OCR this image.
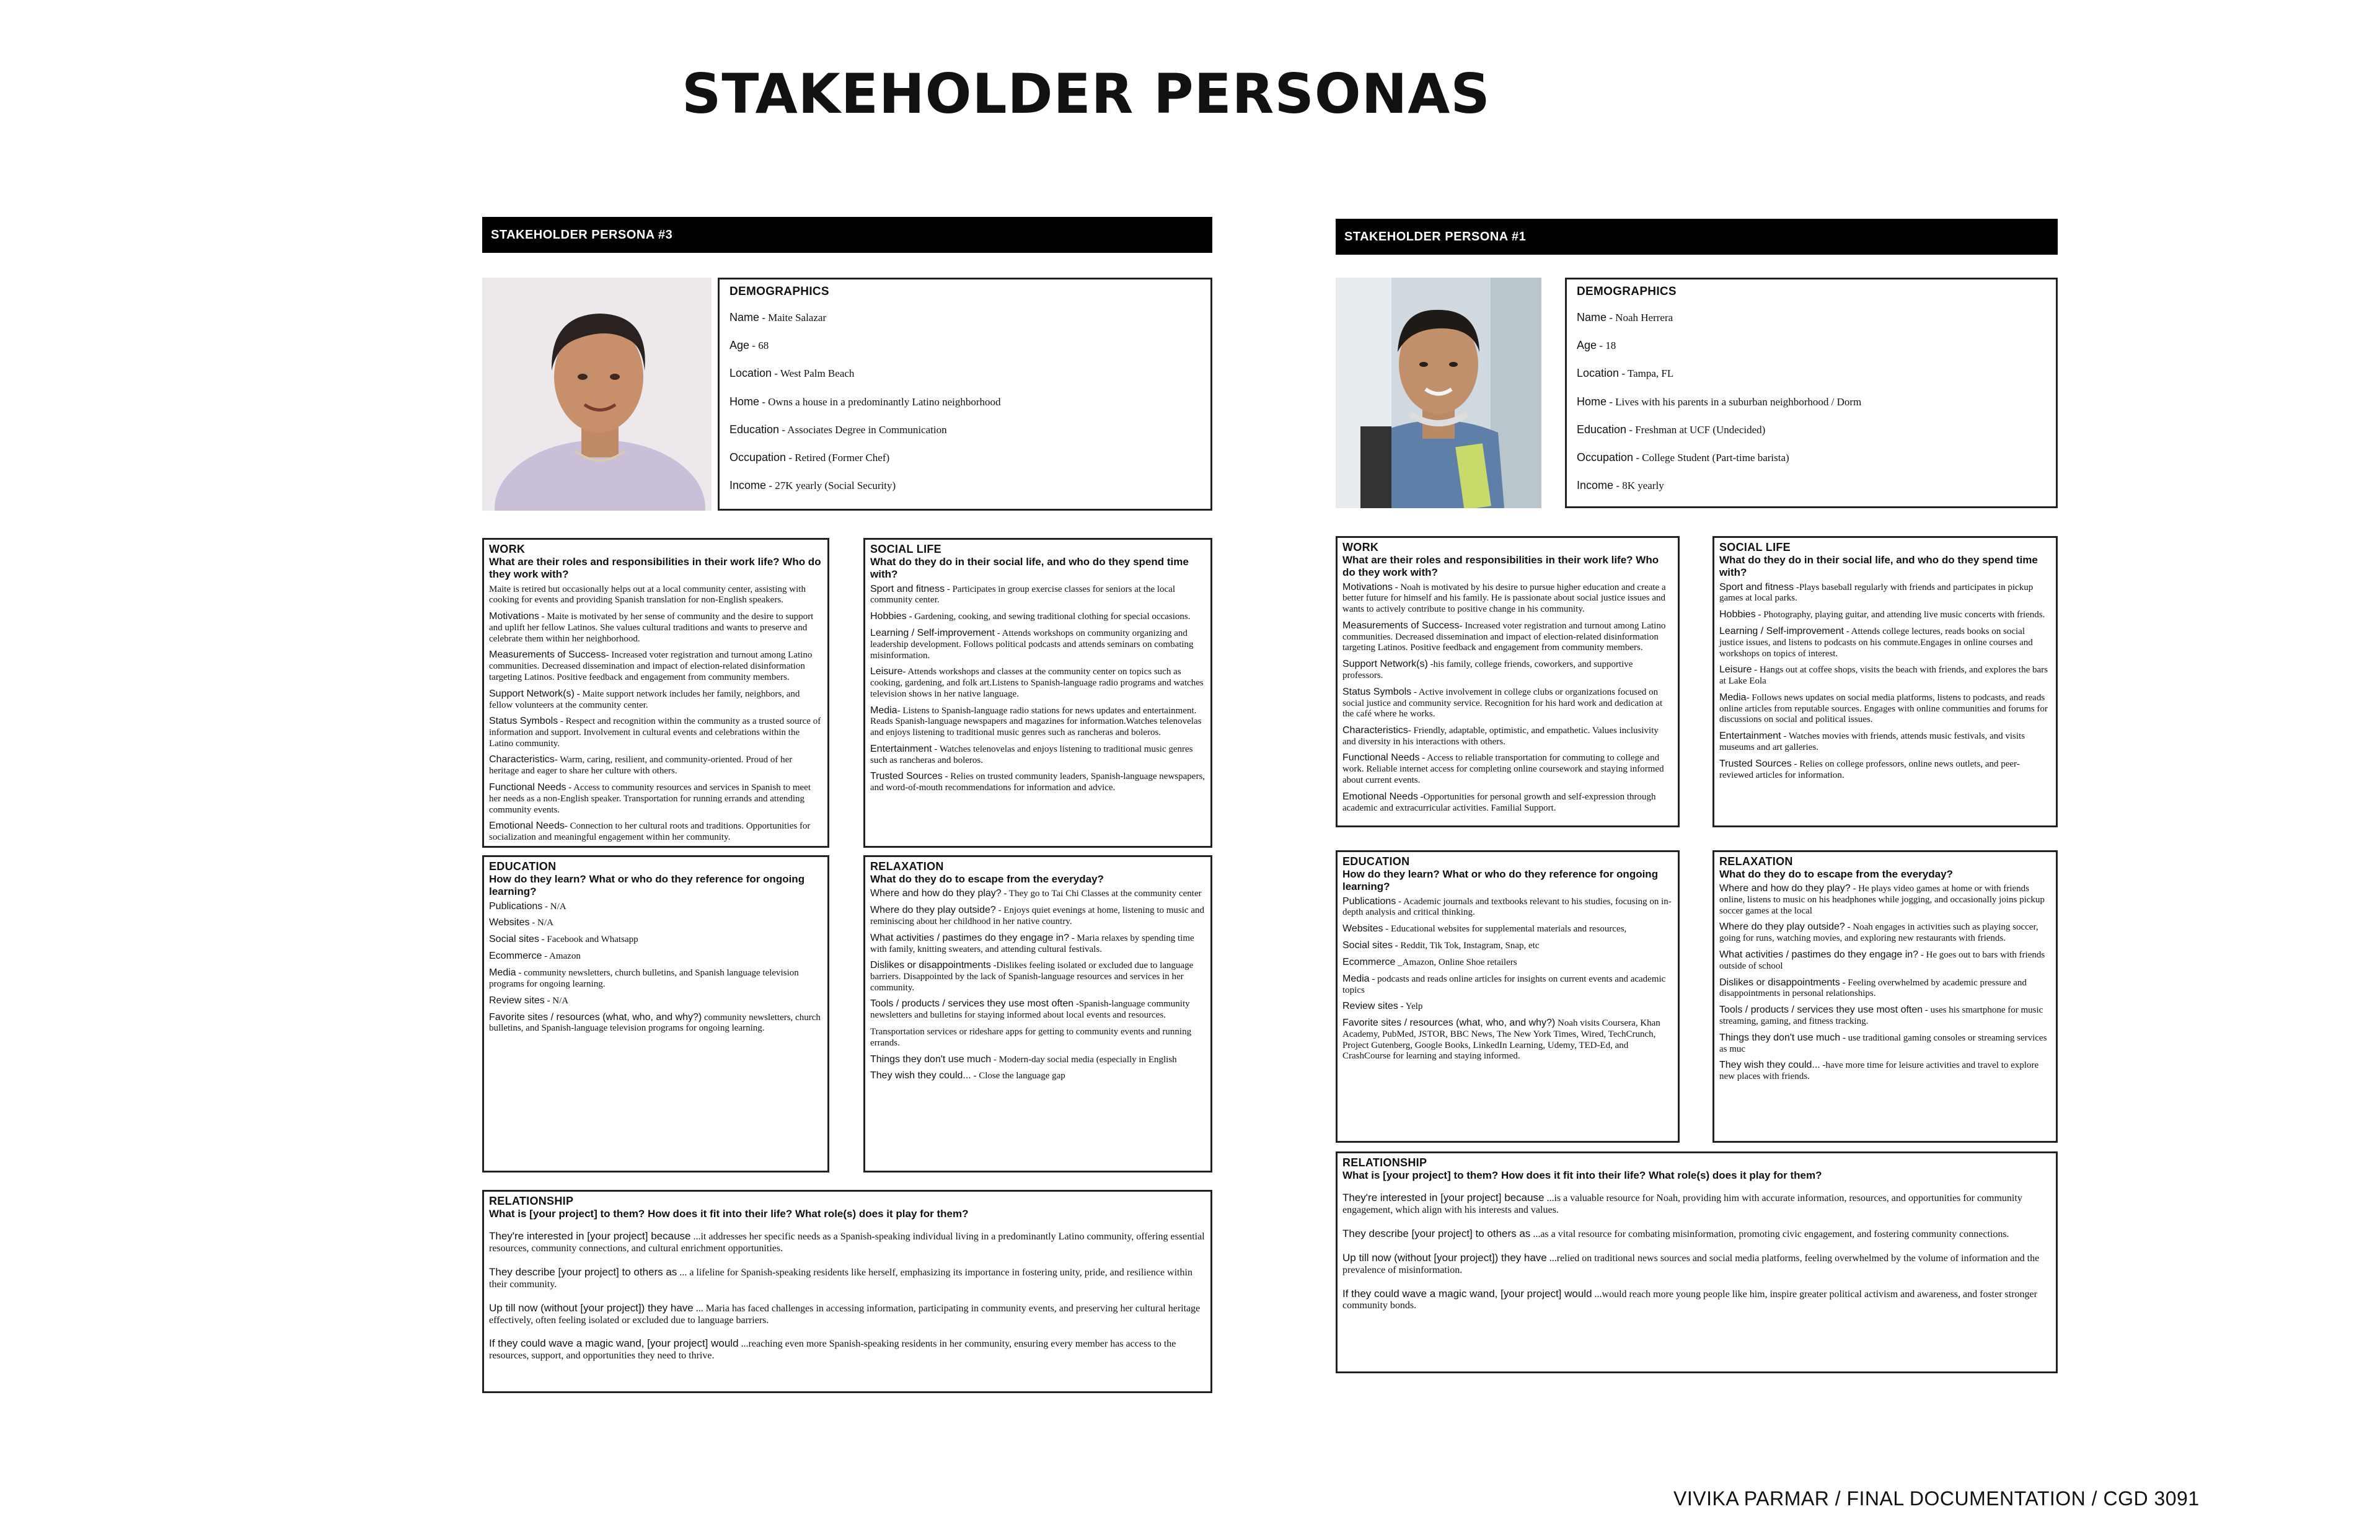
STAKEHOLDER PERSONAS
STAKEHOLDER PERSONA #3
DEMOGRAPHICS
Name - Maite Salazar
Age - 68
Location - West Palm Beach
Home - Owns a house in a predominantly Latino neighborhood
Education - Associates Degree in Communication
Occupation - Retired (Former Chef)
Income - 27K yearly (Social Security)
WORK
What are their roles and responsibilities in their work life? Who do they work with?
Maite is retired but occasionally helps out at a local community center, assisting with cooking for events and providing Spanish translation for non-English speakers.
Motivations - Maite is motivated by her sense of community and the desire to support and uplift her fellow Latinos. She values cultural traditions and wants to preserve and celebrate them within her neighborhood.
Measurements of Success- Increased voter registration and turnout among Latino communities. Decreased dissemination and impact of election-related disinformation targeting Latinos. Positive feedback and engagement from community members.
Support Network(s) - Maite support network includes her family, neighbors, and fellow volunteers at the community center.
Status Symbols - Respect and recognition within the community as a trusted source of information and support. Involvement in cultural events and celebrations within the Latino community.
Characteristics- Warm, caring, resilient, and community-oriented. Proud of her heritage and eager to share her culture with others.
Functional Needs - Access to community resources and services in Spanish to meet her needs as a non-English speaker. Transportation for running errands and attending community events.
Emotional Needs- Connection to her cultural roots and traditions. Opportunities for socialization and meaningful engagement within her community.
SOCIAL LIFE
What do they do in their social life, and who do they spend time with?
Sport and fitness - Participates in group exercise classes for seniors at the local community center.
Hobbies - Gardening, cooking, and sewing traditional clothing for special occasions.
Learning / Self-improvement - Attends workshops on community organizing and leadership development. Follows political podcasts and attends seminars on combating misinformation.
Leisure- Attends workshops and classes at the community center on topics such as cooking, gardening, and folk art.Listens to Spanish-language radio programs and watches television shows in her native language.
Media- Listens to Spanish-language radio stations for news updates and entertainment. Reads Spanish-language newspapers and magazines for information.Watches telenovelas and enjoys listening to traditional music genres such as rancheras and boleros.
Entertainment - Watches telenovelas and enjoys listening to traditional music genres such as rancheras and boleros.
Trusted Sources - Relies on trusted community leaders, Spanish-language newspapers, and word-of-mouth recommendations for information and advice.
EDUCATION
How do they learn? What or who do they reference for ongoing learning?
Publications - N/A
Websites - N/A
Social sites - Facebook and Whatsapp
Ecommerce - Amazon
Media - community newsletters, church bulletins, and Spanish language television programs for ongoing learning.
Review sites - N/A
Favorite sites / resources (what, who, and why?) community newsletters, church bulletins, and Spanish-language television programs for ongoing learning.
RELAXATION
What do they do to escape from the everyday?
Where and how do they play? - They go to Tai Chi Classes at the community center
Where do they play outside? - Enjoys quiet evenings at home, listening to music and reminiscing about her childhood in her native country.
What activities / pastimes do they engage in? - Maria relaxes by spending time with family, knitting sweaters, and attending cultural festivals.
Dislikes or disappointments -Dislikes feeling isolated or excluded due to language barriers. Disappointed by the lack of Spanish-language resources and services in her community.
Tools / products / services they use most often -Spanish-language community newsletters and bulletins for staying informed about local events and resources.
Transportation services or rideshare apps for getting to community events and running errands.
Things they don't use much - Modern-day social media (especially in English
They wish they could... - Close the language gap
RELATIONSHIP
What is [your project] to them? How does it fit into their life? What role(s) does it play for them?
They're interested in [your project] because ...it addresses her specific needs as a Spanish-speaking individual living in a predominantly Latino community, offering essential resources, community connections, and cultural enrichment opportunities.
They describe [your project] to others as ... a lifeline for Spanish-speaking residents like herself, emphasizing its importance in fostering unity, pride, and resilience within their community.
Up till now (without [your project]) they have ... Maria has faced challenges in accessing information, participating in community events, and preserving her cultural heritage effectively, often feeling isolated or excluded due to language barriers.
If they could wave a magic wand, [your project] would ...reaching even more Spanish-speaking residents in her community, ensuring every member has access to the resources, support, and opportunities they need to thrive.
STAKEHOLDER PERSONA #1
DEMOGRAPHICS
Name - Noah Herrera
Age - 18
Location - Tampa, FL
Home - Lives with his parents in a suburban neighborhood / Dorm
Education - Freshman at UCF (Undecided)
Occupation - College Student (Part-time barista)
Income - 8K yearly
WORK
What are their roles and responsibilities in their work life? Who do they work with?
Motivations - Noah is motivated by his desire to pursue higher education and create a better future for himself and his family. He is passionate about social justice issues and wants to actively contribute to positive change in his community.
Measurements of Success- Increased voter registration and turnout among Latino communities. Decreased dissemination and impact of election-related disinformation targeting Latinos. Positive feedback and engagement from community members.
Support Network(s) -his family, college friends, coworkers, and supportive professors.
Status Symbols - Active involvement in college clubs or organizations focused on social justice and community service. Recognition for his hard work and dedication at the café where he works.
Characteristics- Friendly, adaptable, optimistic, and empathetic. Values inclusivity and diversity in his interactions with others.
Functional Needs - Access to reliable transportation for commuting to college and work. Reliable internet access for completing online coursework and staying informed about current events.
Emotional Needs -Opportunities for personal growth and self-expression through academic and extracurricular activities. Familial Support.
SOCIAL LIFE
What do they do in their social life, and who do they spend time with?
Sport and fitness -Plays baseball regularly with friends and participates in pickup games at local parks.
Hobbies - Photography, playing guitar, and attending live music concerts with friends.
Learning / Self-improvement - Attends college lectures, reads books on social justice issues, and listens to podcasts on his commute.Engages in online courses and workshops on topics of interest.
Leisure - Hangs out at coffee shops, visits the beach with friends, and explores the bars at Lake Eola
Media- Follows news updates on social media platforms, listens to podcasts, and reads online articles from reputable sources. Engages with online communities and forums for discussions on social and political issues.
Entertainment - Watches movies with friends, attends music festivals, and visits museums and art galleries.
Trusted Sources - Relies on college professors, online news outlets, and peer-reviewed articles for information.
EDUCATION
How do they learn? What or who do they reference for ongoing learning?
Publications - Academic journals and textbooks relevant to his studies, focusing on in-depth analysis and critical thinking.
Websites - Educational websites for supplemental materials and resources,
Social sites - Reddit, Tik Tok, Instagram, Snap, etc
Ecommerce _Amazon, Online Shoe retailers
Media - podcasts and reads online articles for insights on current events and academic topics
Review sites - Yelp
Favorite sites / resources (what, who, and why?) Noah visits Coursera, Khan Academy, PubMed, JSTOR, BBC News, The New York Times, Wired, TechCrunch, Project Gutenberg, Google Books, LinkedIn Learning, Udemy, TED-Ed, and CrashCourse for learning and staying informed.
RELAXATION
What do they do to escape from the everyday?
Where and how do they play? - He plays video games at home or with friends online, listens to music on his headphones while jogging, and occasionally joins pickup soccer games at the local
Where do they play outside? - Noah engages in activities such as playing soccer, going for runs, watching movies, and exploring new restaurants with friends.
What activities / pastimes do they engage in? - He goes out to bars with friends outside of school
Dislikes or disappointments - Feeling overwhelmed by academic pressure and disappointments in personal relationships.
Tools / products / services they use most often - uses his smartphone for music streaming, gaming, and fitness tracking.
Things they don't use much - use traditional gaming consoles or streaming services as muc
They wish they could... -have more time for leisure activities and travel to explore new places with friends.
RELATIONSHIP
What is [your project] to them? How does it fit into their life? What role(s) does it play for them?
They're interested in [your project] because ...is a valuable resource for Noah, providing him with accurate information, resources, and opportunities for community engagement, which align with his interests and values.
They describe [your project] to others as ...as a vital resource for combating misinformation, promoting civic engagement, and fostering community connections.
Up till now (without [your project]) they have ...relied on traditional news sources and social media platforms, feeling overwhelmed by the volume of information and the prevalence of misinformation.
If they could wave a magic wand, [your project] would ...would reach more young people like him, inspire greater political activism and awareness, and foster stronger community bonds.
VIVIKA PARMAR / FINAL DOCUMENTATION / CGD 3091
